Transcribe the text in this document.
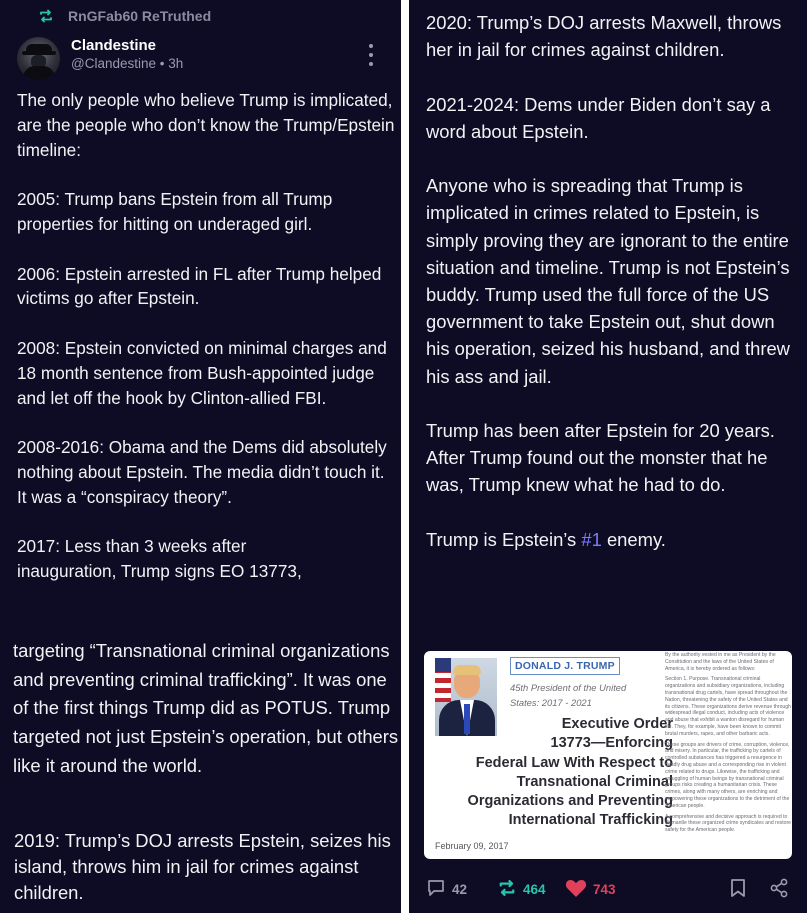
RnGFab60 ReTruthed
Clandestine
@Clandestine • 3h
The only people who believe Trump is implicated, are the people who don’t know the Trump/Epstein timeline:

2005: Trump bans Epstein from all Trump properties for hitting on underaged girl.

2006: Epstein arrested in FL after Trump helped victims go after Epstein.

2008: Epstein convicted on minimal charges and 18 month sentence from Bush-appointed judge and let off the hook by Clinton-allied FBI.

2008-2016: Obama and the Dems did absolutely nothing about Epstein. The media didn’t touch it. It was a “conspiracy theory”.

2017: Less than 3 weeks after
inauguration, Trump signs EO 13773,
targeting “Transnational criminal organizations and preventing criminal trafficking”. It was one of the first things Trump did as POTUS. Trump targeted not just Epstein’s operation, but others like it around the world.
2019: Trump’s DOJ arrests Epstein, seizes his island, throws him in jail for crimes against children.
2020: Trump’s DOJ arrests Maxwell, throws her in jail for crimes against children.

2021-2024: Dems under Biden don’t say a word about Epstein.

Anyone who is spreading that Trump is implicated in crimes related to Epstein, is simply proving they are ignorant to the entire situation and timeline. Trump is not Epstein’s buddy. Trump used the full force of the US government to take Epstein out, shut down his operation, seized his husband, and threw his ass and jail.

Trump has been after Epstein for 20 years. After Trump found out the monster that he was, Trump knew what he had to do.

Trump is Epstein’s #1 enemy.
DONALD J. TRUMP
45th President of the United
States: 2017 - 2021
Executive Order
13773—Enforcing
Federal Law With Respect to
Transnational Criminal
Organizations and Preventing
International Trafficking
February 09, 2017

By the authority vested in me as President by the Constitution and the laws of the United States of America, it is hereby ordered as follows:

Section 1. Purpose. Transnational criminal organizations and subsidiary organizations, including transnational drug cartels, have spread throughout the Nation, threatening the safety of the United States and its citizens. These organizations derive revenue through widespread illegal conduct, including acts of violence and abuse that exhibit a wanton disregard for human life. They, for example, have been known to commit brutal murders, rapes, and other barbaric acts.

These groups are drivers of crime, corruption, violence, and misery. In particular, the trafficking by cartels of controlled substances has triggered a resurgence in deadly drug abuse and a corresponding rise in violent crime related to drugs. Likewise, the trafficking and smuggling of human beings by transnational criminal groups risks creating a humanitarian crisis. These crimes, along with many others, are enriching and empowering these organizations to the detriment of the American people.

A comprehensive and decisive approach is required to dismantle these organized crime syndicates and restore safety for the American people.

42	464	743
